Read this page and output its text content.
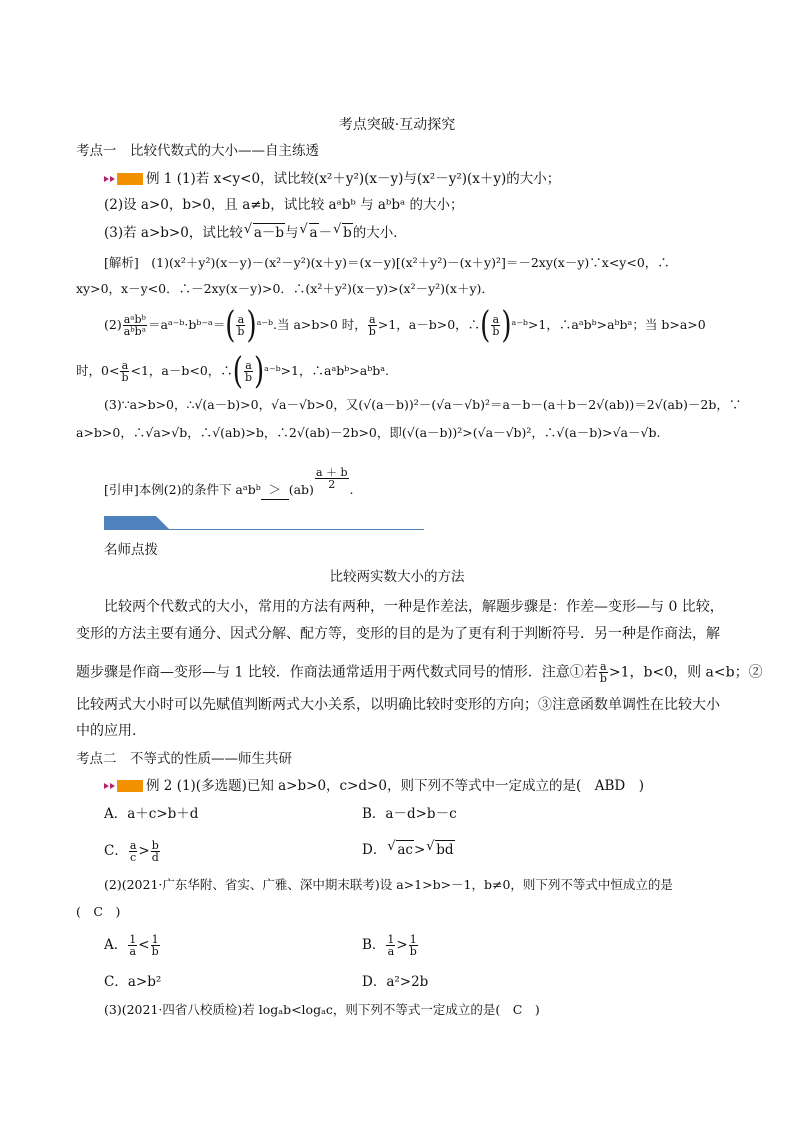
考点突破·互动探究
考点一　比较代数式的大小——自主练透
例 1 (1)若 x<y<0，试比较(x²＋y²)(x－y)与(x²－y²)(x＋y)的大小；
(2)设 a>0，b>0，且 a≠b，试比较 aᵃbᵇ 与 aᵇbᵃ 的大小；
(3)若 a>b>0，试比较 √ a－b与 √ a－ √ b的大小．
[解析]　(1)(x²＋y²)(x－y)－(x²－y²)(x＋y)＝(x－y)[(x²＋y²)－(x＋y)²]＝－2xy(x－y)∵x<y<0，∴
xy>0，x－y<0．∴－2xy(x－y)>0．∴(x²＋y²)(x－y)>(x²－y²)(x＋y)．
$(2) \frac{\text{aᵃbᵇ}}{\text{aᵇbᵃ}}$ ＝aᵃ⁻ᵇ·bᵇ⁻ᵃ＝( $\frac{a}{b}$ )ᵃ⁻ᵇ.当 a>b>0 时， $\frac{a}{b} >1$，a－b>0，∴( $\frac{a}{b}$ )ᵃ⁻ᵇ>1，∴aᵃbᵇ>aᵇbᵃ；当 b>a>0
时，$0< \frac{a}{b} <1$，a－b<0，∴( $\frac{a}{b}$ )ᵃ⁻ᵇ>1，∴aᵃbᵇ>aᵇbᵃ.
(3)∵a>b>0，∴√(a－b)>0，√a－√b>0，又(√(a－b))²－(√a－√b)²＝a－b－(a＋b－2√(ab))＝2√(ab)－2b，∵
a>b>0，∴√a>√b，∴√(ab)>b，∴2√(ab)－2b>0，即(√(a－b))²>(√a－√b)²，∴√(a－b)>√a－√b.
[引申]本例(2)的条件下 aᵃbᵇ ＞ $(ab) \frac{a + b}{2}$ .
名师点拨
比较两实数大小的方法
比较两个代数式的大小，常用的方法有两种，一种是作差法，解题步骤是：作差—变形—与 0 比较，
变形的方法主要有通分、因式分解、配方等，变形的目的是为了更有利于判断符号．另一种是作商法，解
题步骤是作商—变形—与 1 比较．作商法通常适用于两代数式同号的情形．注意①若 $\frac{a}{b} >1$，b<0，则 a<b；②
比较两式大小时可以先赋值判断两式大小关系，以明确比较时变形的方向；③注意函数单调性在比较大小
中的应用.
考点二　不等式的性质——师生共研
例 2 (1)(多选题)已知 a>b>0，c>d>0，则下列不等式中一定成立的是(　ABD　)
A．a＋c>b＋d	B．a－d>b－c
C． $\frac{a}{c} > \frac{b}{d}$	D． √ ac> √ bd
(2)(2021·广东华附、省实、广雅、深中期末联考)设 a>1>b>－1，b≠0，则下列不等式中恒成立的是
(　C　)
A． $\frac{1}{a} < \frac{1}{b}$	B． $\frac{1}{a} > \frac{1}{b}$
C．a>b²	D．a²>2b
(3)(2021·四省八校质检)若 logₐb<logₐc，则下列不等式一定成立的是(　C　)
